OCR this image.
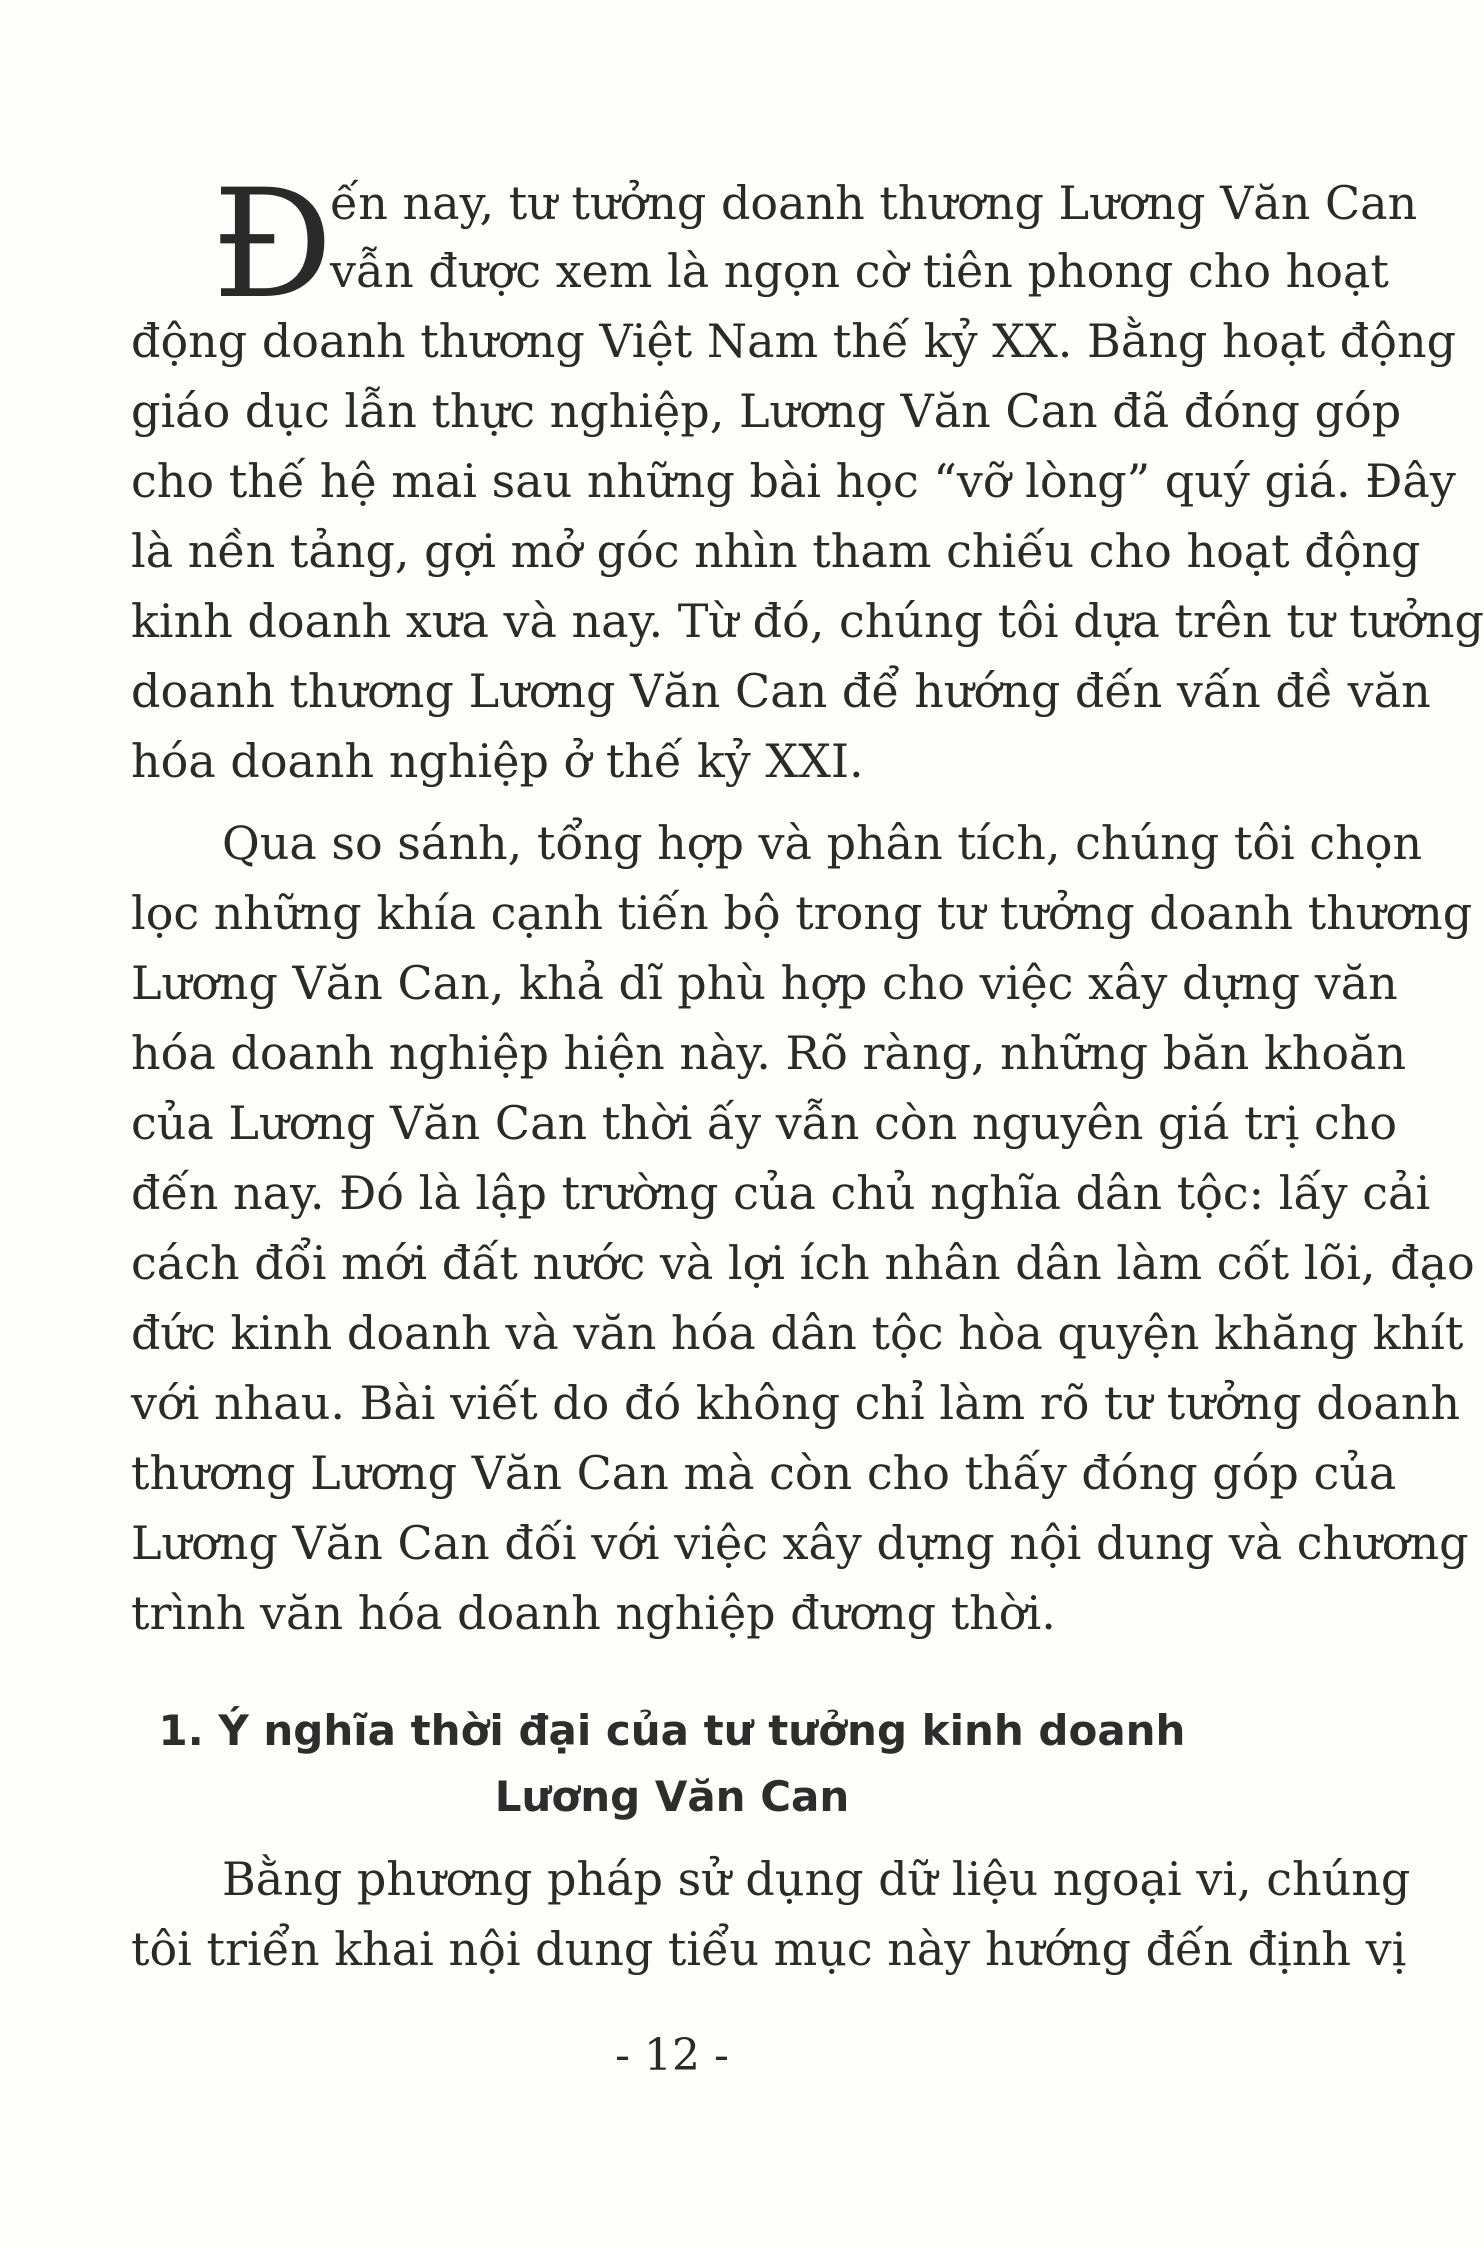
Đ
ến nay, tư tưởng doanh thương Lương Văn Can
vẫn được xem là ngọn cờ tiên phong cho hoạt
động doanh thương Việt Nam thế kỷ XX. Bằng hoạt động
giáo dục lẫn thực nghiệp, Lương Văn Can đã đóng góp
cho thế hệ mai sau những bài học “vỡ lòng” quý giá. Đây
là nền tảng, gợi mở góc nhìn tham chiếu cho hoạt động
kinh doanh xưa và nay. Từ đó, chúng tôi dựa trên tư tưởng
doanh thương Lương Văn Can để hướng đến vấn đề văn
hóa doanh nghiệp ở thế kỷ XXI.
Qua so sánh, tổng hợp và phân tích, chúng tôi chọn
lọc những khía cạnh tiến bộ trong tư tưởng doanh thương
Lương Văn Can, khả dĩ phù hợp cho việc xây dựng văn
hóa doanh nghiệp hiện này. Rõ ràng, những băn khoăn
của Lương Văn Can thời ấy vẫn còn nguyên giá trị cho
đến nay. Đó là lập trường của chủ nghĩa dân tộc: lấy cải
cách đổi mới đất nước và lợi ích nhân dân làm cốt lõi, đạo
đức kinh doanh và văn hóa dân tộc hòa quyện khăng khít
với nhau. Bài viết do đó không chỉ làm rõ tư tưởng doanh
thương Lương Văn Can mà còn cho thấy đóng góp của
Lương Văn Can đối với việc xây dựng nội dung và chương
trình văn hóa doanh nghiệp đương thời.
1. Ý nghĩa thời đại của tư tưởng kinh doanh
Lương Văn Can
Bằng phương pháp sử dụng dữ liệu ngoại vi, chúng
tôi triển khai nội dung tiểu mục này hướng đến định vị
- 12 -
